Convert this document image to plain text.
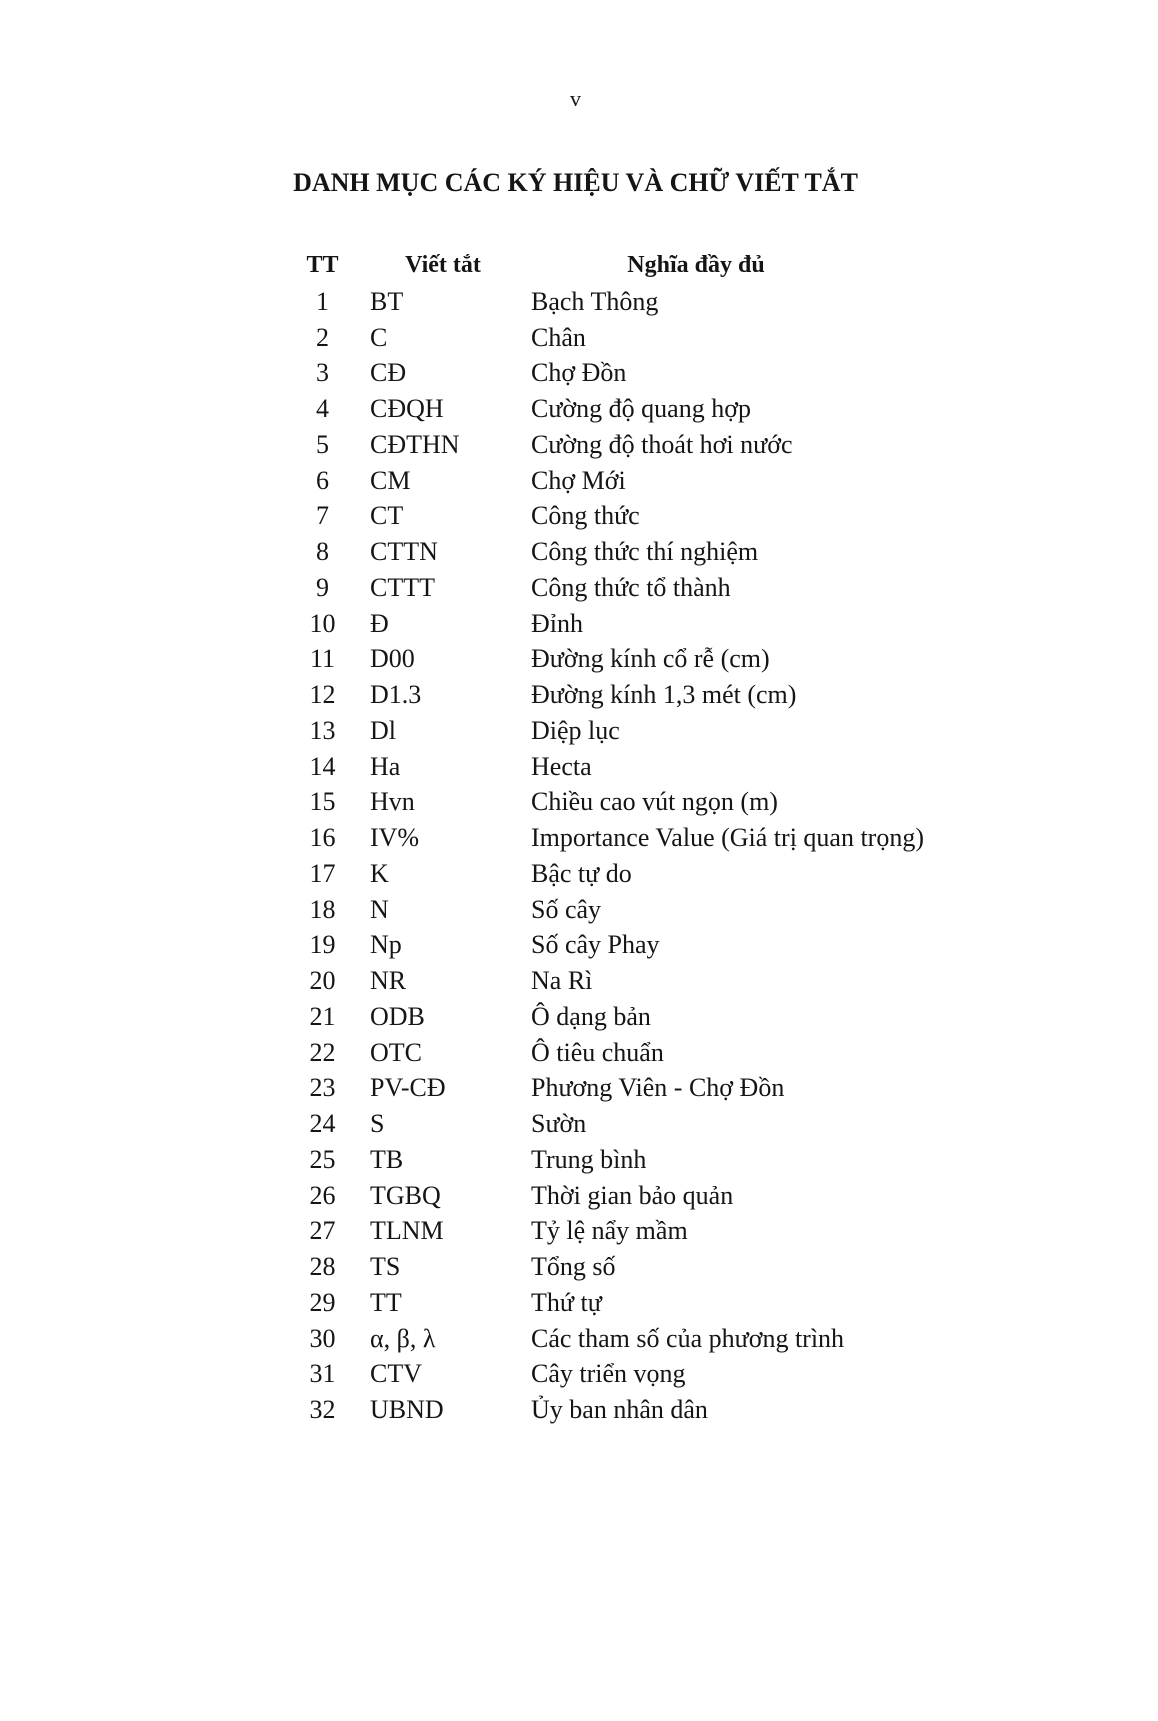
v
DANH MỤC CÁC KÝ HIỆU VÀ CHỮ VIẾT TẮT
TT	Viết tắt	Nghĩa đầy đủ
1	BT	Bạch Thông
2	C	Chân
3	CĐ	Chợ Đồn
4	CĐQH	Cường độ quang hợp
5	CĐTHN	Cường độ thoát hơi nước
6	CM	Chợ Mới
7	CT	Công thức
8	CTTN	Công thức thí nghiệm
9	CTTT	Công thức tổ thành
10	Đ	Đỉnh
11	D00	Đường kính cổ rễ (cm)
12	D1.3	Đường kính 1,3 mét (cm)
13	Dl	Diệp lục
14	Ha	Hecta
15	Hvn	Chiều cao vút ngọn (m)
16	IV%	Importance Value (Giá trị quan trọng)
17	K	Bậc tự do
18	N	Số cây
19	Np	Số cây Phay
20	NR	Na Rì
21	ODB	Ô dạng bản
22	OTC	Ô tiêu chuẩn
23	PV-CĐ	Phương Viên - Chợ Đồn
24	S	Sườn
25	TB	Trung bình
26	TGBQ	Thời gian bảo quản
27	TLNM	Tỷ lệ nẩy mầm
28	TS	Tổng số
29	TT	Thứ tự
30	α, β, λ	Các tham số của phương trình
31	CTV	Cây triển vọng
32	UBND	Ủy ban nhân dân
